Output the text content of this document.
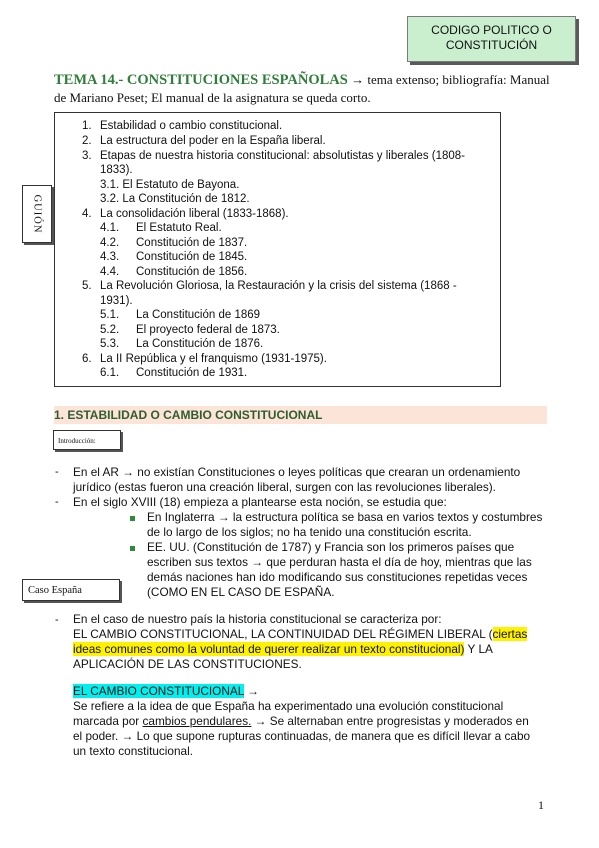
CODIGO POLITICO O
CONSTITUCIÓN
TEMA 14.- CONSTITUCIONES ESPAÑOLAS → tema extenso; bibliografía: Manual
de Mariano Peset; El manual de la asignatura se queda corto.
GUIÓN
1. Estabilidad o cambio constitucional.
2. La estructura del poder en la España liberal.
3. Etapas de nuestra historia constitucional: absolutistas y liberales (1808-
1833).
3.1. El Estatuto de Bayona.
3.2. La Constitución de 1812.
4. La consolidación liberal (1833-1868).
4.1. El Estatuto Real.
4.2. Constitución de 1837.
4.3. Constitución de 1845.
4.4. Constitución de 1856.
5. La Revolución Gloriosa, la Restauración y la crisis del sistema (1868 -
1931).
5.1. La Constitución de 1869
5.2. El proyecto federal de 1873.
5.3. La Constitución de 1876.
6. La II República y el franquismo (1931-1975).
6.1. Constitución de 1931.
1. ESTABILIDAD O CAMBIO CONSTITUCIONAL
Introducción:
- En el AR → no existían Constituciones o leyes políticas que crearan un ordenamiento
jurídico (estas fueron una creación liberal, surgen con las revoluciones liberales).
- En el siglo XVIII (18) empieza a plantearse esta noción, se estudia que:
En Inglaterra → la estructura política se basa en varios textos y costumbres
de lo largo de los siglos; no ha tenido una constitución escrita.
EE. UU. (Constitución de 1787) y Francia son los primeros países que
escriben sus textos → que perduran hasta el día de hoy, mientras que las
demás naciones han ido modificando sus constituciones repetidas veces
(COMO EN EL CASO DE ESPAÑA.
Caso España
- En el caso de nuestro país la historia constitucional se caracteriza por:
EL CAMBIO CONSTITUCIONAL, LA CONTINUIDAD DEL RÉGIMEN LIBERAL (ciertas
ideas comunes como la voluntad de querer realizar un texto constitucional) Y LA
APLICACIÓN DE LAS CONSTITUCIONES.
EL CAMBIO CONSTITUCIONAL →
Se refiere a la idea de que España ha experimentado una evolución constitucional
marcada por cambios pendulares. → Se alternaban entre progresistas y moderados en
el poder. → Lo que supone rupturas continuadas, de manera que es difícil llevar a cabo
un texto constitucional.
1
